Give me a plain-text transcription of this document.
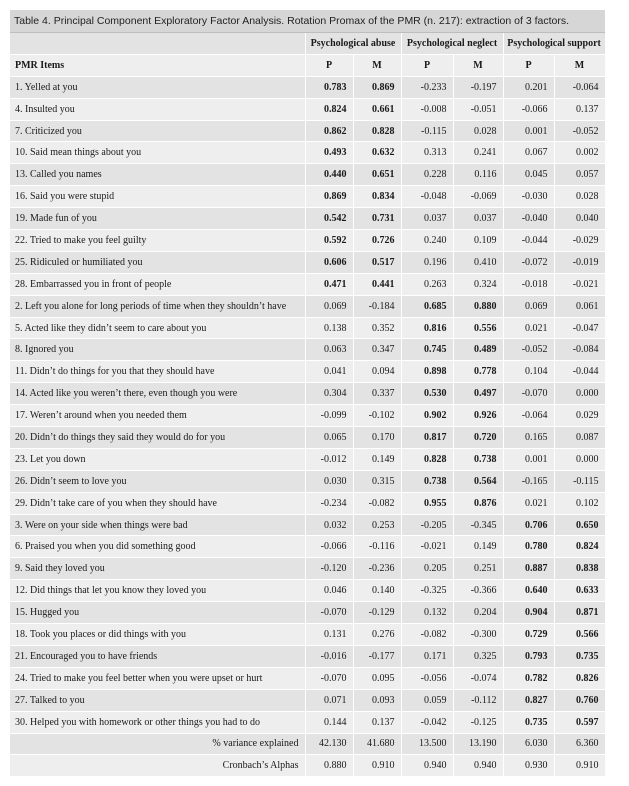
Table 4. Principal Component Exploratory Factor Analysis. Rotation Promax of the PMR (n. 217): extraction of 3 factors.
	Psychological abuse		Psychological neglect		Psychological support	
PMR Items	P	M	P	M	P	M
1. Yelled at you	0.783	0.869	-0.233	-0.197	0.201	-0.064
4. Insulted you	0.824	0.661	-0.008	-0.051	-0.066	0.137
7. Criticized you	0.862	0.828	-0.115	0.028	0.001	-0.052
10. Said mean things about you	0.493	0.632	0.313	0.241	0.067	0.002
13. Called you names	0.440	0.651	0.228	0.116	0.045	0.057
16. Said you were stupid	0.869	0.834	-0.048	-0.069	-0.030	0.028
19. Made fun of you	0.542	0.731	0.037	0.037	-0.040	0.040
22. Tried to make you feel guilty	0.592	0.726	0.240	0.109	-0.044	-0.029
25. Ridiculed or humiliated you	0.606	0.517	0.196	0.410	-0.072	-0.019
28. Embarrassed you in front of people	0.471	0.441	0.263	0.324	-0.018	-0.021
2. Left you alone for long periods of time when they shouldn’t have	0.069	-0.184	0.685	0.880	0.069	0.061
5. Acted like they didn’t seem to care about you	0.138	0.352	0.816	0.556	0.021	-0.047
8. Ignored you	0.063	0.347	0.745	0.489	-0.052	-0.084
11. Didn’t do things for you that they should have	0.041	0.094	0.898	0.778	0.104	-0.044
14. Acted like you weren’t there, even though you were	0.304	0.337	0.530	0.497	-0.070	0.000
17. Weren’t around when you needed them	-0.099	-0.102	0.902	0.926	-0.064	0.029
20. Didn’t do things they said they would do for you	0.065	0.170	0.817	0.720	0.165	0.087
23. Let you down	-0.012	0.149	0.828	0.738	0.001	0.000
26. Didn’t seem to love you	0.030	0.315	0.738	0.564	-0.165	-0.115
29. Didn’t take care of you when they should have	-0.234	-0.082	0.955	0.876	0.021	0.102
3. Were on your side when things were bad	0.032	0.253	-0.205	-0.345	0.706	0.650
6. Praised you when you did something good	-0.066	-0.116	-0.021	0.149	0.780	0.824
9. Said they loved you	-0.120	-0.236	0.205	0.251	0.887	0.838
12. Did things that let you know they loved you	0.046	0.140	-0.325	-0.366	0.640	0.633
15. Hugged you	-0.070	-0.129	0.132	0.204	0.904	0.871
18. Took you places or did things with you	0.131	0.276	-0.082	-0.300	0.729	0.566
21. Encouraged you to have friends	-0.016	-0.177	0.171	0.325	0.793	0.735
24. Tried to make you feel better when you were upset or hurt	-0.070	0.095	-0.056	-0.074	0.782	0.826
27. Talked to you	0.071	0.093	0.059	-0.112	0.827	0.760
30. Helped you with homework or other things you had to do	0.144	0.137	-0.042	-0.125	0.735	0.597
% variance explained	42.130	41.680	13.500	13.190	6.030	6.360
Cronbach’s Alphas	0.880	0.910	0.940	0.940	0.930	0.910
